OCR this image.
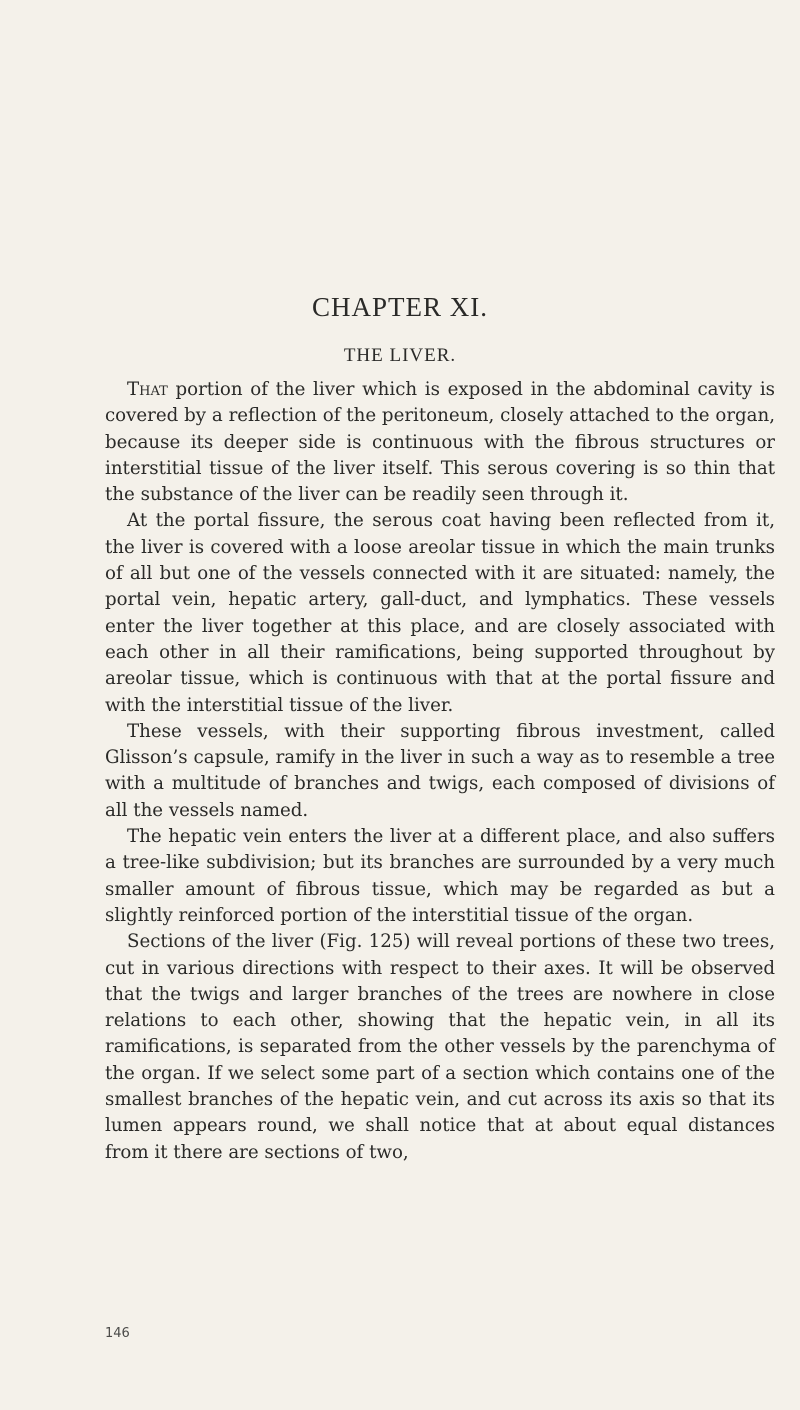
CHAPTER XI.
THE LIVER.

That portion of the liver which is exposed in the abdominal cavity is covered by a reflection of the peritoneum, closely attached to the organ, because its deeper side is continuous with the fibrous structures or interstitial tissue of the liver itself. This serous covering is so thin that the substance of the liver can be readily seen through it.

At the portal fissure, the serous coat having been reflected from it, the liver is covered with a loose areolar tissue in which the main trunks of all but one of the vessels connected with it are situated: namely, the portal vein, hepatic artery, gall-duct, and lymphatics. These vessels enter the liver together at this place, and are closely associated with each other in all their ramifications, being supported throughout by areolar tissue, which is continuous with that at the portal fissure and with the interstitial tissue of the liver.

These vessels, with their supporting fibrous investment, called Glisson’s capsule, ramify in the liver in such a way as to resemble a tree with a multitude of branches and twigs, each composed of divisions of all the vessels named.

The hepatic vein enters the liver at a different place, and also suffers a tree-like subdivision; but its branches are surrounded by a very much smaller amount of fibrous tissue, which may be regarded as but a slightly reinforced portion of the interstitial tissue of the organ.

Sections of the liver (Fig. 125) will reveal portions of these two trees, cut in various directions with respect to their axes. It will be observed that the twigs and larger branches of the trees are nowhere in close relations to each other, showing that the hepatic vein, in all its ramifications, is separated from the other vessels by the parenchyma of the organ. If we select some part of a section which contains one of the smallest branches of the hepatic vein, and cut across its axis so that its lumen appears round, we shall notice that at about equal distances from it there are sections of two,

146
